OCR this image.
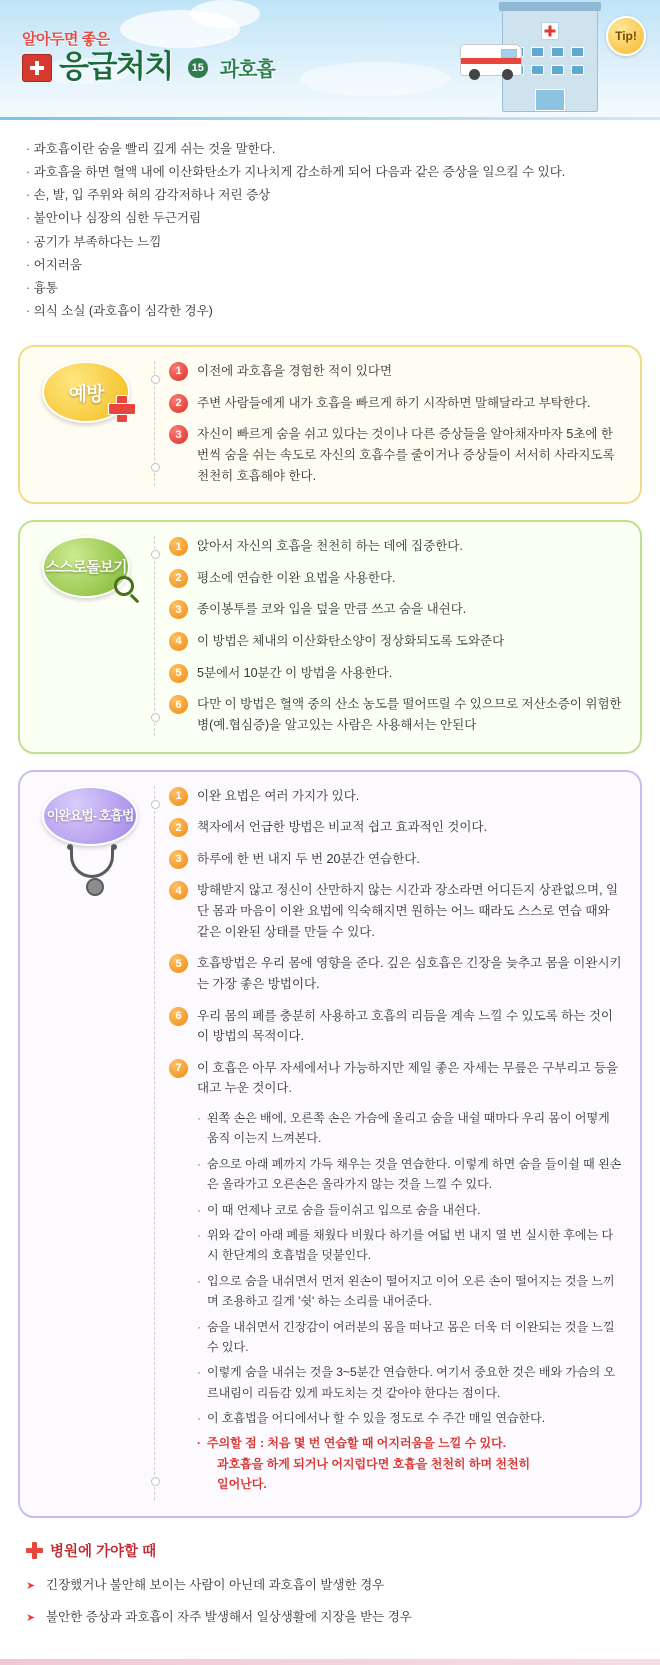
Tip!
알아두면 좋은
응급처치	15 과호흡
· 과호흡이란 숨을 빨리 깊게 쉬는 것을 말한다.
· 과호흡을 하면 혈액 내에 이산화탄소가 지나치게 감소하게 되어 다음과 같은 증상을 일으킬 수 있다.
· 손, 발, 입 주위와 혀의 감각저하나 저린 증상
· 불안이나 심장의 심한 두근거림
· 공기가 부족하다는 느낌
· 어지러움
· 흉통
· 의식 소실 (과호흡이 심각한 경우)
예방
1	이전에 과호흡을 경험한 적이 있다면
2	주변 사람들에게 내가 호흡을 빠르게 하기 시작하면 말해달라고 부탁한다.
3	자신이 빠르게 숨을 쉬고 있다는 것이나 다른 증상들을 알아채자마자 5초에 한번씩 숨을 쉬는 속도로 자신의 호흡수를 줄이거나 증상들이 서서히 사라지도록 천천히 호흡해야 한다.
스스로 돌보기
1	앉아서 자신의 호흡을 천천히 하는 데에 집중한다.
2	평소에 연습한 이완 요법을 사용한다.
3	종이봉투를 코와 입을 덮을 만큼 쓰고 숨을 내쉰다.
4	이 방법은 체내의 이산화탄소양이 정상화되도록 도와준다
5	5분에서 10분간 이 방법을 사용한다.
6	다만 이 방법은 혈액 중의 산소 농도를 떨어뜨릴 수 있으므로 저산소증이 위험한 병(예.협심증)을 알고있는 사람은 사용해서는 안된다
이완요법 - 호흡법
1	이완 요법은 여러 가지가 있다.
2	책자에서 언급한 방법은 비교적 쉽고 효과적인 것이다.
3	하루에 한 번 내지 두 번 20분간 연습한다.
4	방해받지 않고 정신이 산만하지 않는 시간과 장소라면 어디든지 상관없으며, 일단 몸과 마음이 이완 요법에 익숙해지면 원하는 어느 때라도 스스로 연습 때와 같은 이완된 상태를 만들 수 있다.
5	호흡방법은 우리 몸에 영향을 준다. 깊은 심호흡은 긴장을 늦추고 몸을 이완시키는 가장 좋은 방법이다.
6	우리 몸의 폐를 충분히 사용하고 호흡의 리듬을 계속 느낄 수 있도록 하는 것이 이 방법의 목적이다.
7	이 호흡은 아무 자세에서나 가능하지만 제일 좋은 자세는 무릎은 구부리고 등을 대고 누운 것이다.
· 왼쪽 손은 배에, 오른쪽 손은 가슴에 올리고 숨을 내쉴 때마다 우리 몸이 어떻게 움직 이는지 느껴본다.
· 숨으로 아래 폐까지 가득 채우는 것을 연습한다. 이렇게 하면 숨을 들이쉴 때 왼손은 올라가고 오른손은 올라가지 않는 것을 느낄 수 있다.
· 이 때 언제나 코로 숨을 들이쉬고 입으로 숨을 내쉰다.
· 위와 같이 아래 폐를 채웠다 비웠다 하기를 여덟 번 내지 열 번 실시한 후에는 다시 한단계의 호흡법을 덧붙인다.
· 입으로 숨을 내쉬면서 먼저 왼손이 떨어지고 이어 오른 손이 떨어지는 것을 느끼며 조용하고 길게 '쉿' 하는 소리를 내어준다.
· 숨을 내쉬면서 긴장감이 여러분의 몸을 떠나고 몸은 더욱 더 이완되는 것을 느낄 수 있다.
· 이렇게 숨을 내쉬는 것을 3~5분간 연습한다. 여기서 중요한 것은 배와 가슴의 오르내림이 리듬감 있게 파도치는 것 같아야 한다는 점이다.
· 이 호흡법을 어디에서나 할 수 있을 정도로 수 주간 매일 연습한다.
· 주의할 점 : 처음 몇 번 연습할 때 어지러움을 느낄 수 있다.
과호흡을 하게 되거나 어지럽다면 호흡을 천천히 하며 천천히
일어난다.
병원에 가야할 때
➤ 긴장했거나 불안해 보이는 사람이 아닌데 과호흡이 발생한 경우
➤ 불안한 증상과 과호흡이 자주 발생해서 일상생활에 지장을 받는 경우
